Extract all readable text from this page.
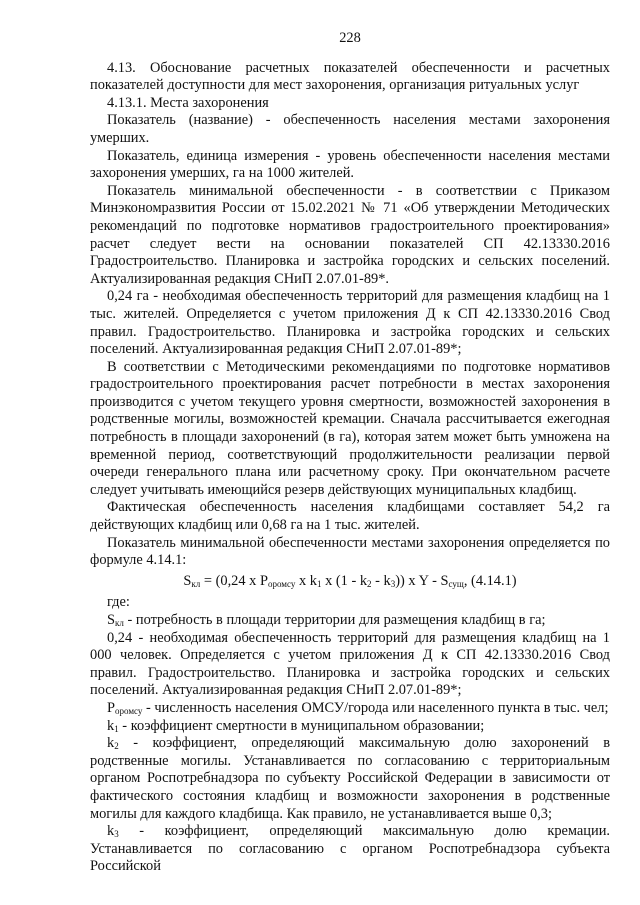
228

4.13. Обоснование расчетных показателей обеспеченности и расчетных показателей доступности для мест захоронения, организация ритуальных услуг

4.13.1. Места захоронения

Показатель (название) - обеспеченность населения местами захоронения умерших.

Показатель, единица измерения - уровень обеспеченности населения местами захоронения умерших, га на 1000 жителей.

Показатель минимальной обеспеченности - в соответствии с Приказом Минэкономразвития России от 15.02.2021 № 71 «Об утверждении Методических рекомендаций по подготовке нормативов градостроительного проектирования» расчет следует вести на основании показателей СП 42.13330.2016 Градостроительство. Планировка и застройка городских и сельских поселений. Актуализированная редакция СНиП 2.07.01-89*.

0,24 га - необходимая обеспеченность территорий для размещения кладбищ на 1 тыс. жителей. Определяется с учетом приложения Д к СП 42.13330.2016 Свод правил. Градостроительство. Планировка и застройка городских и сельских поселений. Актуализированная редакция СНиП 2.07.01-89*;

В соответствии с Методическими рекомендациями по подготовке нормативов градостроительного проектирования расчет потребности в местах захоронения производится с учетом текущего уровня смертности, возможностей захоронения в родственные могилы, возможностей кремации. Сначала рассчитывается ежегодная потребность в площади захоронений (в га), которая затем может быть умножена на временной период, соответствующий продолжительности реализации первой очереди генерального плана или расчетному сроку. При окончательном расчете следует учитывать имеющийся резерв действующих муниципальных кладбищ.

Фактическая обеспеченность населения кладбищами составляет 54,2 га действующих кладбищ или 0,68 га на 1 тыс. жителей.

Показатель минимальной обеспеченности местами захоронения определяется по формуле 4.14.1:

$S_{кл} = (0,24$ x $P_{оромсу}$ x $k_1$ x $(1 - k_2 - k_3)$) x Y - $S_{сущ}$, (4.14.1)

где:

$S_{кл}$ - потребность в площади территории для размещения кладбищ в га;

0,24 - необходимая обеспеченность территорий для размещения кладбищ на 1 000 человек. Определяется с учетом приложения Д к СП 42.13330.2016 Свод правил. Градостроительство. Планировка и застройка городских и сельских поселений. Актуализированная редакция СНиП 2.07.01-89*;

$P_{оромсу}$ - численность населения ОМСУ/города или населенного пункта в тыс. чел;

$k_1$ - коэффициент смертности в муниципальном образовании;

$k_2$ - коэффициент, определяющий максимальную долю захоронений в родственные могилы. Устанавливается по согласованию с территориальным органом Роспотребнадзора по субъекту Российской Федерации в зависимости от фактического состояния кладбищ и возможности захоронения в родственные могилы для каждого кладбища. Как правило, не устанавливается выше 0,3;

$k_3$ - коэффициент, определяющий максимальную долю кремации. Устанавливается по согласованию с органом Роспотребнадзора субъекта Российской
